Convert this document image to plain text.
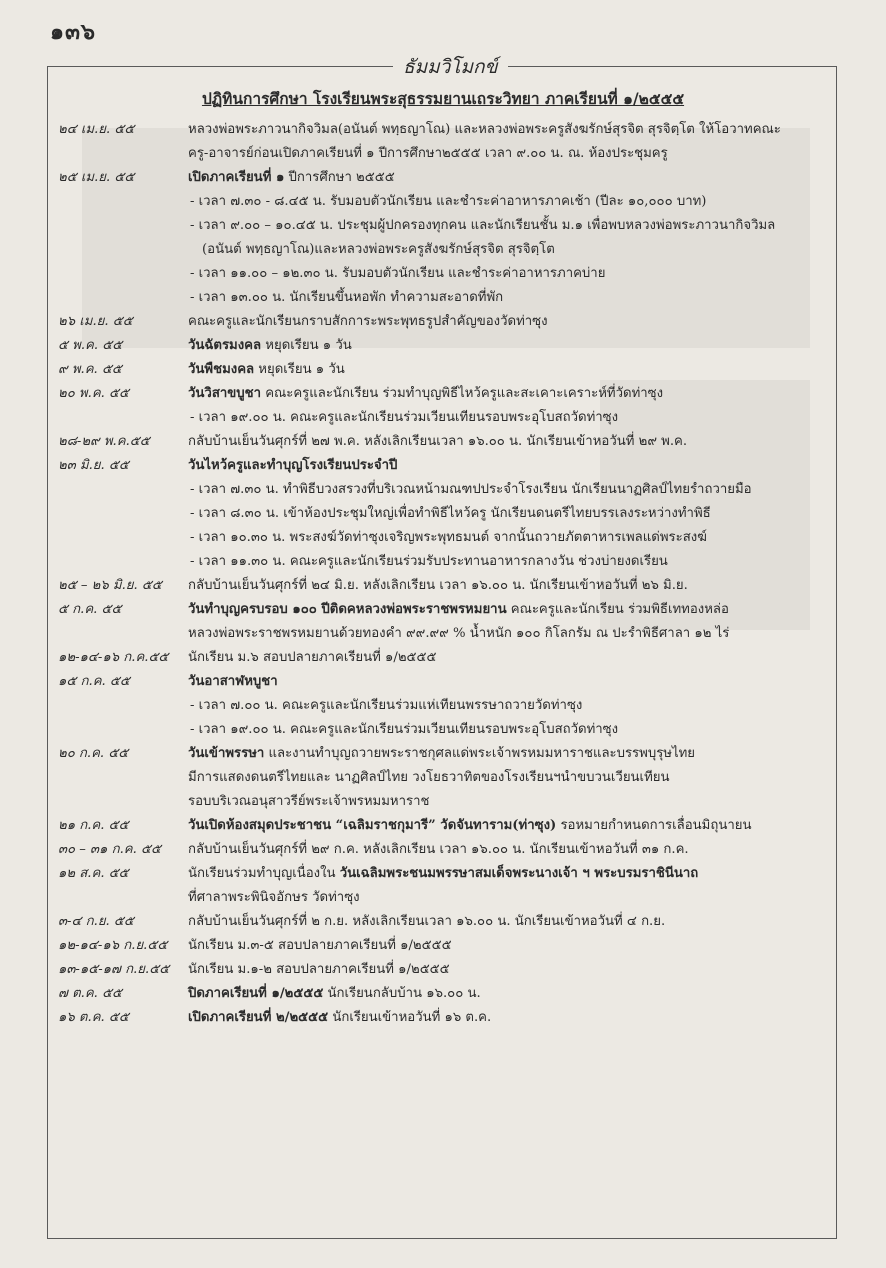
๑๓๖
ธัมมวิโมกข์
ปฏิทินการศึกษา โรงเรียนพระสุธรรมยานเถระวิทยา ภาคเรียนที่ ๑/๒๕๕๕
๒๔ เม.ย. ๕๕	หลวงพ่อพระภาวนากิจวิมล(อนันต์ พทฺธญาโณ) และหลวงพ่อพระครูสังฆรักษ์สุรจิต สุรจิตฺโต ให้โอวาทคณะ
ครู-อาจารย์ก่อนเปิดภาคเรียนที่ ๑ ปีการศึกษา๒๕๕๕ เวลา ๙.๐๐ น. ณ. ห้องประชุมครู
๒๕ เม.ย. ๕๕	เปิดภาคเรียนที่ ๑ ปีการศึกษา ๒๕๕๕
- เวลา ๗.๓๐ - ๘.๔๕ น. รับมอบตัวนักเรียน และชำระค่าอาหารภาคเช้า (ปีละ ๑๐,๐๐๐ บาท)
- เวลา ๙.๐๐ – ๑๐.๔๕ น. ประชุมผู้ปกครองทุกคน และนักเรียนชั้น ม.๑ เพื่อพบหลวงพ่อพระภาวนากิจวิมล
(อนันต์ พทฺธญาโณ)และหลวงพ่อพระครูสังฆรักษ์สุรจิต สุรจิตฺโต
- เวลา ๑๑.๐๐ – ๑๒.๓๐ น. รับมอบตัวนักเรียน และชำระค่าอาหารภาคบ่าย
- เวลา ๑๓.๐๐ น. นักเรียนขึ้นหอพัก ทำความสะอาดที่พัก
๒๖ เม.ย. ๕๕	คณะครูและนักเรียนกราบสักการะพระพุทธรูปสำคัญของวัดท่าซุง
๕ พ.ค. ๕๕	วันฉัตรมงคล หยุดเรียน ๑ วัน
๙ พ.ค. ๕๕	วันพืชมงคล หยุดเรียน ๑ วัน
๒๐ พ.ค. ๕๕	วันวิสาขบูชา คณะครูและนักเรียน ร่วมทำบุญพิธีไหว้ครูและสะเคาะเคราะห์ที่วัดท่าซุง
- เวลา ๑๙.๐๐ น. คณะครูและนักเรียนร่วมเวียนเทียนรอบพระอุโบสถวัดท่าซุง
๒๘-๒๙ พ.ค.๕๕	กลับบ้านเย็นวันศุกร์ที่ ๒๗ พ.ค. หลังเลิกเรียนเวลา ๑๖.๐๐ น. นักเรียนเข้าหอวันที่ ๒๙ พ.ค.
๒๓ มิ.ย. ๕๕	วันไหว้ครูและทำบุญโรงเรียนประจำปี
- เวลา ๗.๓๐ น. ทำพิธีบวงสรวงที่บริเวณหน้ามณฑปประจำโรงเรียน นักเรียนนาฏศิลป์ไทยรำถวายมือ
- เวลา ๘.๓๐ น. เข้าห้องประชุมใหญ่เพื่อทำพิธีไหว้ครู นักเรียนดนตรีไทยบรรเลงระหว่างทำพิธี
- เวลา ๑๐.๓๐ น. พระสงฆ์วัดท่าซุงเจริญพระพุทธมนต์ จากนั้นถวายภัตตาหารเพลแด่พระสงฆ์
- เวลา ๑๑.๓๐ น. คณะครูและนักเรียนร่วมรับประทานอาหารกลางวัน ช่วงบ่ายงดเรียน
๒๕ – ๒๖ มิ.ย. ๕๕	กลับบ้านเย็นวันศุกร์ที่ ๒๔ มิ.ย. หลังเลิกเรียน เวลา ๑๖.๐๐ น. นักเรียนเข้าหอวันที่ ๒๖ มิ.ย.
๕ ก.ค. ๕๕	วันทำบุญครบรอบ ๑๐๐ ปีติดคหลวงพ่อพระราชพรหมยาน คณะครูและนักเรียน ร่วมพิธีเททองหล่อ
หลวงพ่อพระราชพรหมยานด้วยทองคำ ๙๙.๙๙ % น้ำหนัก ๑๐๐ กิโลกรัม ณ ปะรำพิธีศาลา ๑๒ ไร่
๑๒-๑๔-๑๖ ก.ค.๕๕	นักเรียน ม.๖ สอบปลายภาคเรียนที่ ๑/๒๕๕๕
๑๕ ก.ค. ๕๕	วันอาสาฬหบูชา
- เวลา ๗.๐๐ น. คณะครูและนักเรียนร่วมแห่เทียนพรรษาถวายวัดท่าซุง
- เวลา ๑๙.๐๐ น. คณะครูและนักเรียนร่วมเวียนเทียนรอบพระอุโบสถวัดท่าซุง
๒๐ ก.ค. ๕๕	วันเข้าพรรษา และงานทำบุญถวายพระราชกุศลแด่พระเจ้าพรหมมหาราชและบรรพบุรุษไทย
มีการแสดงดนตรีไทยและ นาฏศิลป์ไทย วงโยธวาทิตของโรงเรียนฯนำขบวนเวียนเทียน
รอบบริเวณอนุสาวรีย์พระเจ้าพรหมมหาราช
๒๑ ก.ค. ๕๕	วันเปิดห้องสมุดประชาชน “เฉลิมราชกุมารี” วัดจันทาราม(ท่าซุง) รอหมายกำหนดการเลื่อนมิถุนายน
๓๐ – ๓๑ ก.ค. ๕๕	กลับบ้านเย็นวันศุกร์ที่ ๒๙ ก.ค. หลังเลิกเรียน เวลา ๑๖.๐๐ น. นักเรียนเข้าหอวันที่ ๓๑ ก.ค.
๑๒ ส.ค. ๕๕	นักเรียนร่วมทำบุญเนื่องใน วันเฉลิมพระชนมพรรษาสมเด็จพระนางเจ้า ฯ พระบรมราชินีนาถ
ที่ศาลาพระพินิจอักษร วัดท่าซุง
๓-๔ ก.ย. ๕๕	กลับบ้านเย็นวันศุกร์ที่ ๒ ก.ย. หลังเลิกเรียนเวลา ๑๖.๐๐ น. นักเรียนเข้าหอวันที่ ๔ ก.ย.
๑๒-๑๔-๑๖ ก.ย.๕๕	นักเรียน ม.๓-๕ สอบปลายภาคเรียนที่ ๑/๒๕๕๕
๑๓-๑๕-๑๗ ก.ย.๕๕	นักเรียน ม.๑-๒ สอบปลายภาคเรียนที่ ๑/๒๕๕๕
๗ ต.ค. ๕๕	ปิดภาคเรียนที่ ๑/๒๕๕๕ นักเรียนกลับบ้าน ๑๖.๐๐ น.
๑๖ ต.ค. ๕๕	เปิดภาคเรียนที่ ๒/๒๕๕๕ นักเรียนเข้าหอวันที่ ๑๖ ต.ค.
